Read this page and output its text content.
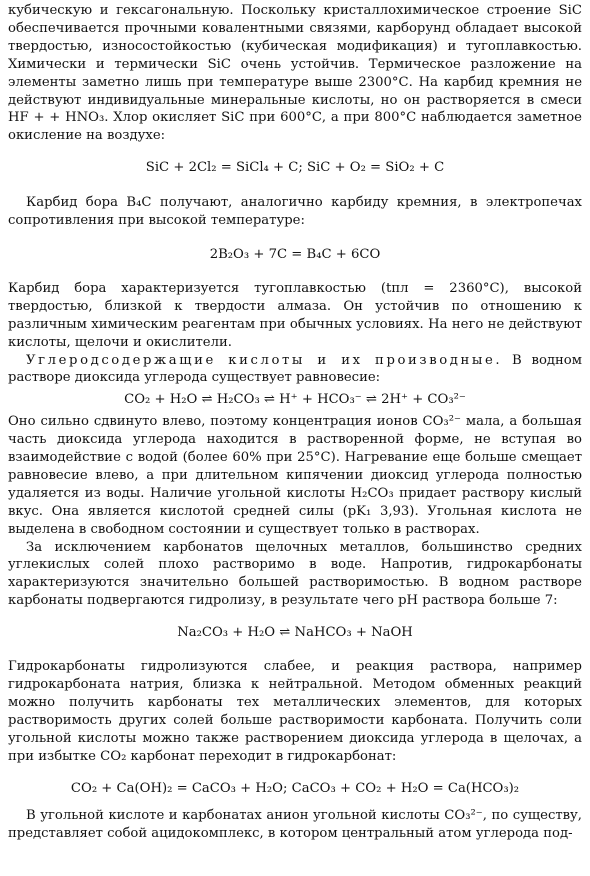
кубическую и гексагональную. Поскольку кристаллохимическое строение SiC обеспечивается прочными ковалентными связями, карборунд обладает высокой твердостью, износостойкостью (кубическая модификация) и тугоплавкостью. Химически и термически SiC очень устойчив. Термическое разложение на элементы заметно лишь при температуре выше 2300°С. На карбид кремния не действуют индивидуальные минеральные кислоты, но он растворяется в смеси HF + + HNO₃. Хлор окисляет SiC при 600°С, а при 800°С наблюдается заметное окисление на воздухе:

SiC + 2Cl₂ = SiCl₄ + C; SiC + O₂ = SiO₂ + C

Карбид бора B₄C получают, аналогично карбиду кремния, в электропечах сопротивления при высокой температуре:

2B₂O₃ + 7C = B₄C + 6CO

Карбид бора характеризуется тугоплавкостью (tпл = 2360°C), высокой твердостью, близкой к твердости алмаза. Он устойчив по отношению к различным химическим реагентам при обычных условиях. На него не действуют кислоты, щелочи и окислители.

Углеродсодержащие кислоты и их производные. В водном растворе диоксида углерода существует равновесие:

CO₂ + H₂O ⇌ H₂CO₃ ⇌ H⁺ + HCO₃⁻ ⇌ 2H⁺ + CO₃²⁻

Оно сильно сдвинуто влево, поэтому концентрация ионов CO₃²⁻ мала, а большая часть диоксида углерода находится в растворенной форме, не вступая во взаимодействие с водой (более 60% при 25°С). Нагревание еще больше смещает равновесие влево, а при длительном кипячении диоксид углерода полностью удаляется из воды. Наличие угольной кислоты H₂CO₃ придает раствору кислый вкус. Она является кислотой средней силы (pK₁ 3,93). Угольная кислота не выделена в свободном состоянии и существует только в растворах.

За исключением карбонатов щелочных металлов, большинство средних углекислых солей плохо растворимо в воде. Напротив, гидрокарбонаты характеризуются значительно большей растворимостью. В водном растворе карбонаты подвергаются гидролизу, в результате чего pH раствора больше 7:

Na₂CO₃ + H₂O ⇌ NaHCO₃ + NaOH

Гидрокарбонаты гидролизуются слабее, и реакция раствора, например гидрокарбоната натрия, близка к нейтральной. Методом обменных реакций можно получить карбонаты тех металлических элементов, для которых растворимость других солей больше растворимости карбоната. Получить соли угольной кислоты можно также растворением диоксида углерода в щелочах, а при избытке CO₂ карбонат переходит в гидрокарбонат:

CO₂ + Ca(OH)₂ = CaCO₃ + H₂O; CaCO₃ + CO₂ + H₂O = Ca(HCO₃)₂

В угольной кислоте и карбонатах анион угольной кислоты CO₃²⁻, по существу, представляет собой ацидокомплекс, в котором центральный атом углерода под-
